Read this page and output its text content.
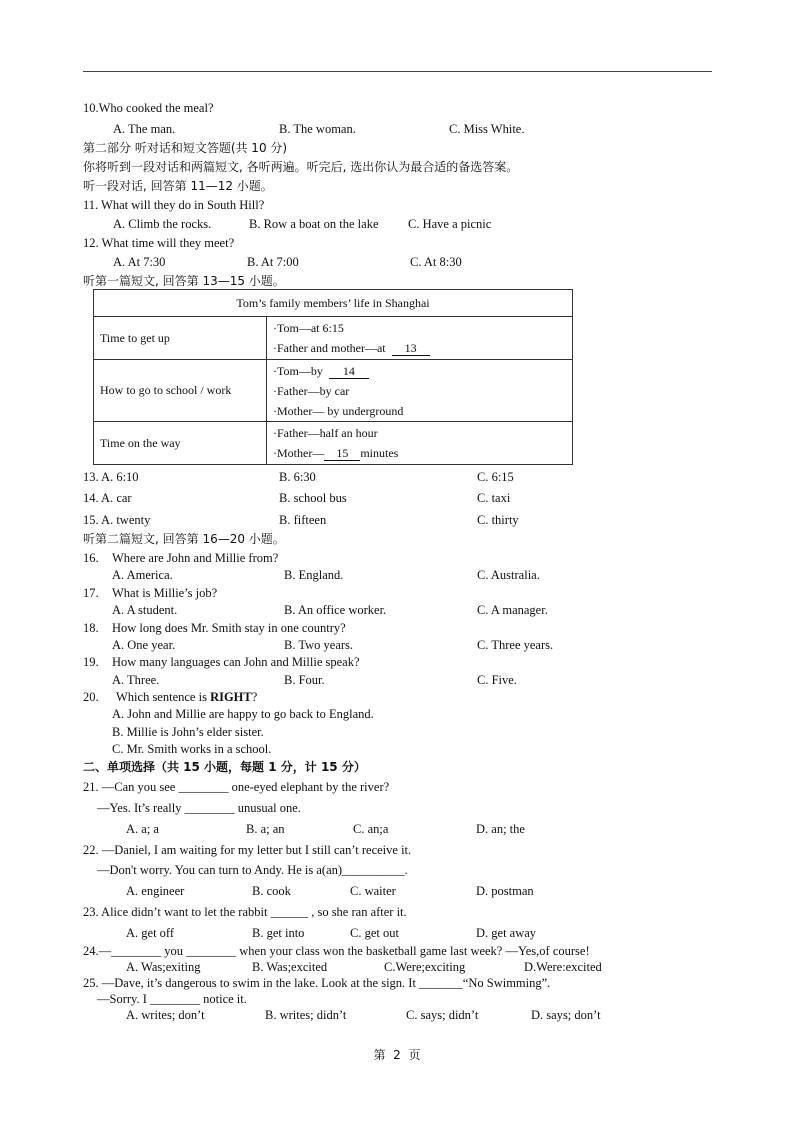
10.Who cooked the meal?
A. The man.	B. The woman.	C. Miss White.
第二部分 听对话和短文答题(共 10 分)
你将听到一段对话和两篇短文, 各听两遍。听完后, 选出你认为最合适的备选答案。
听一段对话, 回答第 11—12 小题。
11. What will they do in South Hill?
A. Climb the rocks.	B. Row a boat on the lake C. Have a picnic
12. What time will they meet?
A. At 7:30	B. At 7:00	C. At 8:30
听第一篇短文, 回答第 13—15 小题。
Tom’s family members’ life in Shanghai	
Time to get up	·Tom—at 6:15
·Father and mother—at 13

How to go to school / work	·Tom—by 14
·Father—by car
·Mother— by underground

Time on the way	·Father—half an hour
·Mother— 15 minutes
13. A. 6:10	B. 6:30	C. 6:15
14. A. car	B. school bus	C. taxi
15. A. twenty	B. fifteen	C. thirty
听第二篇短文, 回答第 16—20 小题。
16. Where are John and Millie from?
A. America.	B. England.	C. Australia.
17. What is Millie’s job?
A. A student.	B. An office worker.	C. A manager.
18. How long does Mr. Smith stay in one country?
A. One year.	B. Two years.	C. Three years.
19. How many languages can John and Millie speak?
A. Three.	B. Four.	C. Five.
20. Which sentence is RIGHT?
A. John and Millie are happy to go back to England.
B. Millie is John’s elder sister.
C. Mr. Smith works in a school.
二、单项选择（共 15 小题，每题 1 分，计 15 分）
21. —Can you see ________ one-eyed elephant by the river?
—Yes. It’s really ________ unusual one.
A. a; a	B. a; an	C. an;a	D. an; the
22. —Daniel, I am waiting for my letter but I still can’t receive it.
—Don't worry. You can turn to Andy. He is a(an)__________.
A. engineer	B. cook	C. waiter	D. postman
23. Alice didn’t want to let the rabbit ______ , so she ran after it.
A. get off	B. get into	C. get out	D. get away
24.—________ you ________ when your class won the basketball game last week? —Yes,of course!
A. Was;exiting	B. Was;excited	C.Were;exciting	D.Were:excited
25. —Dave, it’s dangerous to swim in the lake. Look at the sign. It _______“No Swimming”.
—Sorry. I ________ notice it.
A. writes; don’t	B. writes; didn’t	C. says; didn’t	D. says; don’t
第 2 页
